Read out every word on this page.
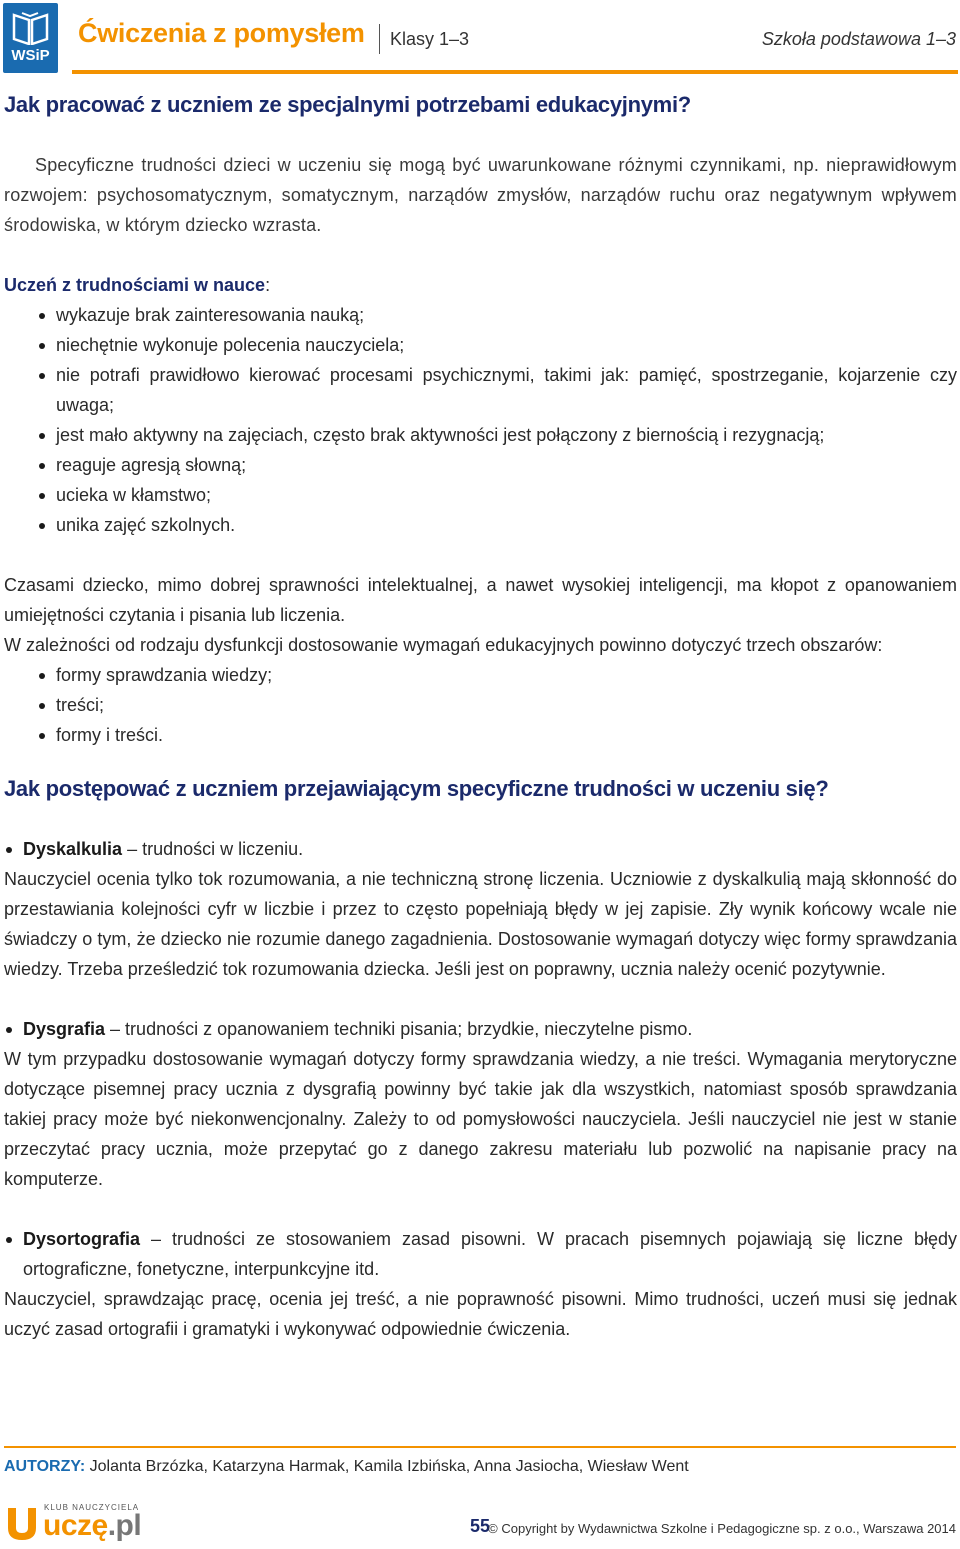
WSiP
Ćwiczenia z pomysłem Klasy 1–3	Szkoła podstawowa 1–3
Jak pracować z uczniem ze specjalnymi potrzebami edukacyjnymi?

Specyficzne trudności dzieci w uczeniu się mogą być uwarunkowane różnymi czynnikami, np. nieprawidłowym rozwojem: psychosomatycznym, somatycznym, narządów zmysłów, narządów ruchu oraz negatywnym wpływem środowiska, w którym dziecko wzrasta.

Uczeń z trudnościami w nauce:
wykazuje brak zainteresowania nauką;
niechętnie wykonuje polecenia nauczyciela;
nie potrafi prawidłowo kierować procesami psychicznymi, takimi jak: pamięć, spostrzeganie, kojarzenie czy uwaga;
jest mało aktywny na zajęciach, często brak aktywności jest połączony z biernością i rezygnacją;
reaguje agresją słowną;
ucieka w kłamstwo;
unika zajęć szkolnych.

Czasami dziecko, mimo dobrej sprawności intelektualnej, a nawet wysokiej inteligencji, ma kłopot z opanowaniem umiejętności czytania i pisania lub liczenia.

W zależności od rodzaju dysfunkcji dostosowanie wymagań edukacyjnych powinno dotyczyć trzech obszarów:

formy sprawdzania wiedzy;
treści;
formy i treści.
Jak postępować z uczniem przejawiającym specyficzne trudności w uczeniu się?
Dyskalkulia – trudności w liczeniu.

Nauczyciel ocenia tylko tok rozumowania, a nie techniczną stronę liczenia. Uczniowie z dyskalkulią mają skłonność do przestawiania kolejności cyfr w liczbie i przez to często popełniają błędy w jej zapisie. Zły wynik końcowy wcale nie świadczy o tym, że dziecko nie rozumie danego zagadnienia. Dostosowanie wymagań dotyczy więc formy sprawdzania wiedzy. Trzeba prześledzić tok rozumowania dziecka. Jeśli jest on poprawny, ucznia należy ocenić pozytywnie.

Dysgrafia – trudności z opanowaniem techniki pisania; brzydkie, nieczytelne pismo.

W tym przypadku dostosowanie wymagań dotyczy formy sprawdzania wiedzy, a nie treści. Wymagania merytoryczne dotyczące pisemnej pracy ucznia z dysgrafią powinny być takie jak dla wszystkich, natomiast sposób sprawdzania takiej pracy może być niekonwencjonalny. Zależy to od pomysłowości nauczyciela. Jeśli nauczyciel nie jest w stanie przeczytać pracy ucznia, może przepytać go z danego zakresu materiału lub pozwolić na napisanie pracy na komputerze.

Dysortografia – trudności ze stosowaniem zasad pisowni. W pracach pisemnych pojawiają się liczne błędy ortograficzne, fonetyczne, interpunkcyjne itd.

Nauczyciel, sprawdzając pracę, ocenia jej treść, a nie poprawność pisowni. Mimo trudności, uczeń musi się jednak uczyć zasad ortografii i gramatyki i wykonywać odpowiednie ćwiczenia.

AUTORZY: Jolanta Brzózka, Katarzyna Harmak, Kamila Izbińska, Anna Jasiocha, Wiesław Went
KLUB NAUCZYCIELA
uczę.pl	55
© Copyright by Wydawnictwa Szkolne i Pedagogiczne sp. z o.o., Warszawa 2014
